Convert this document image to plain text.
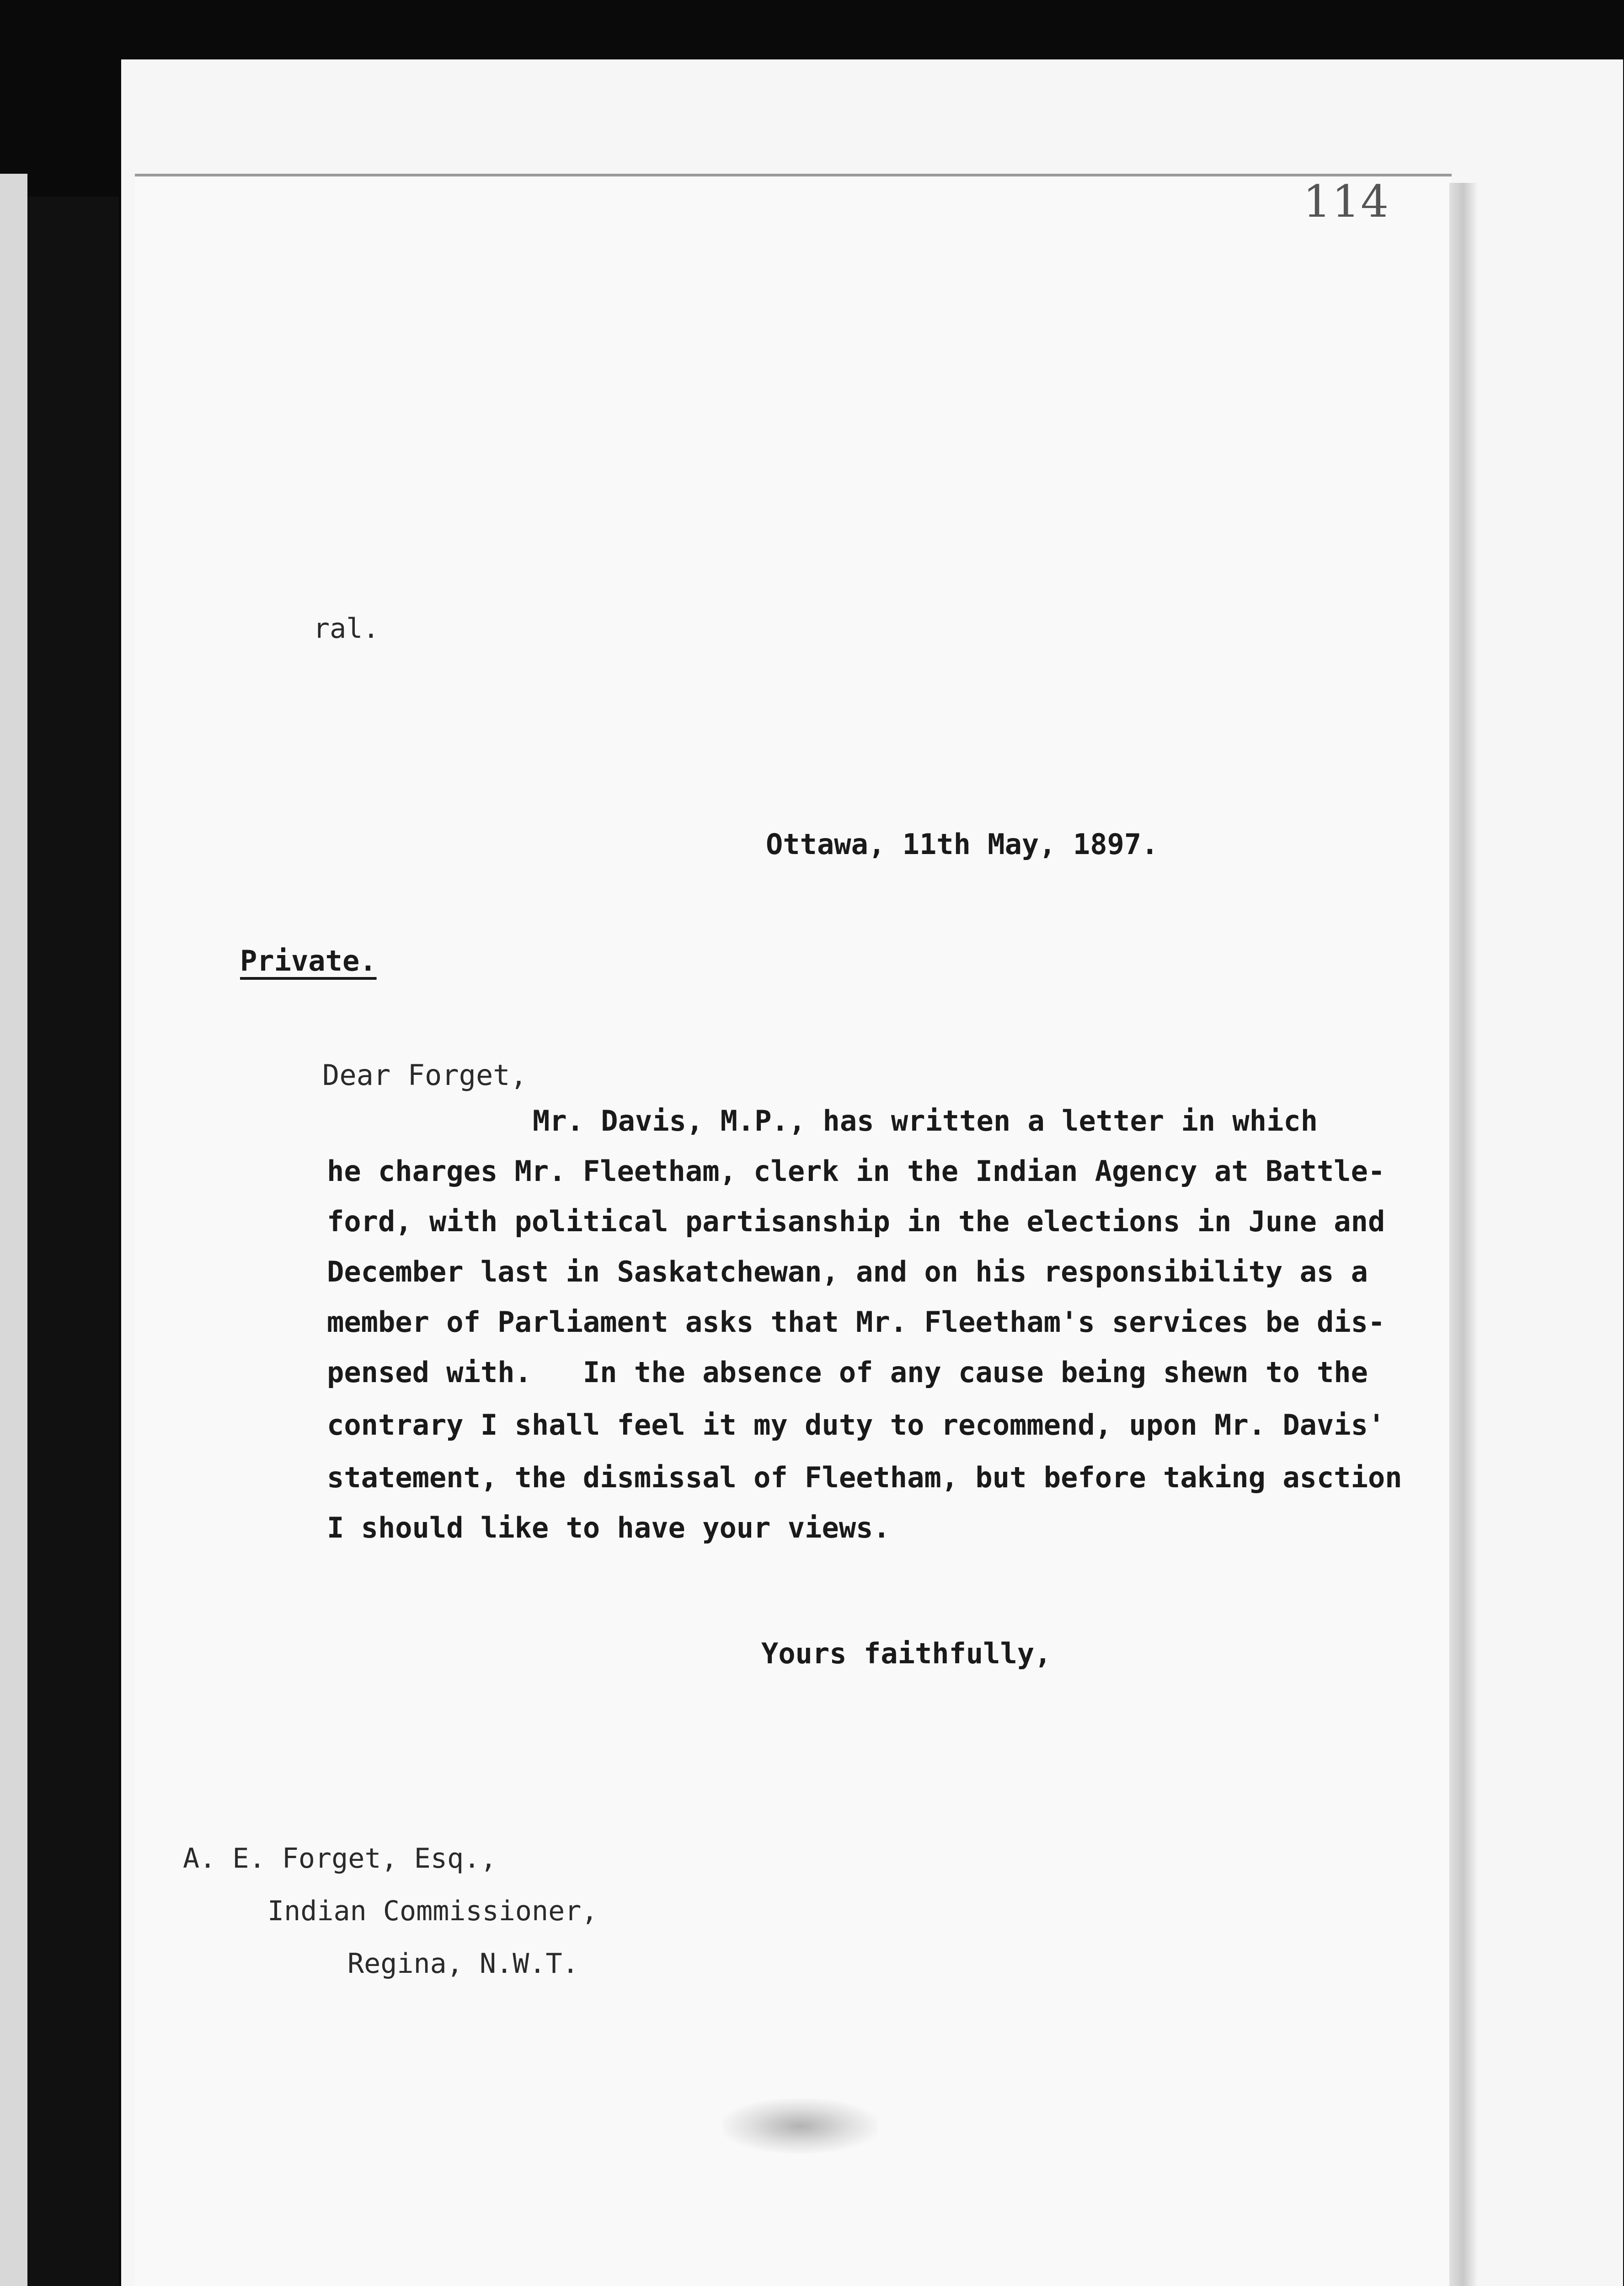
114

ral.

Ottawa, 11th May, 1897.

Private.

Dear Forget,

Mr. Davis, M.P., has written a letter in which

he charges Mr. Fleetham, clerk in the Indian Agency at Battle-

ford, with political partisanship in the elections in June and

December last in Saskatchewan, and on his responsibility as a

member of Parliament asks that Mr. Fleetham's services be dis-

pensed with.   In the absence of any cause being shewn to the

contrary I shall feel it my duty to recommend, upon Mr. Davis'

statement, the dismissal of Fleetham, but before taking asction

I should like to have your views.

Yours faithfully,

A. E. Forget, Esq.,

Indian Commissioner,

Regina, N.W.T.
